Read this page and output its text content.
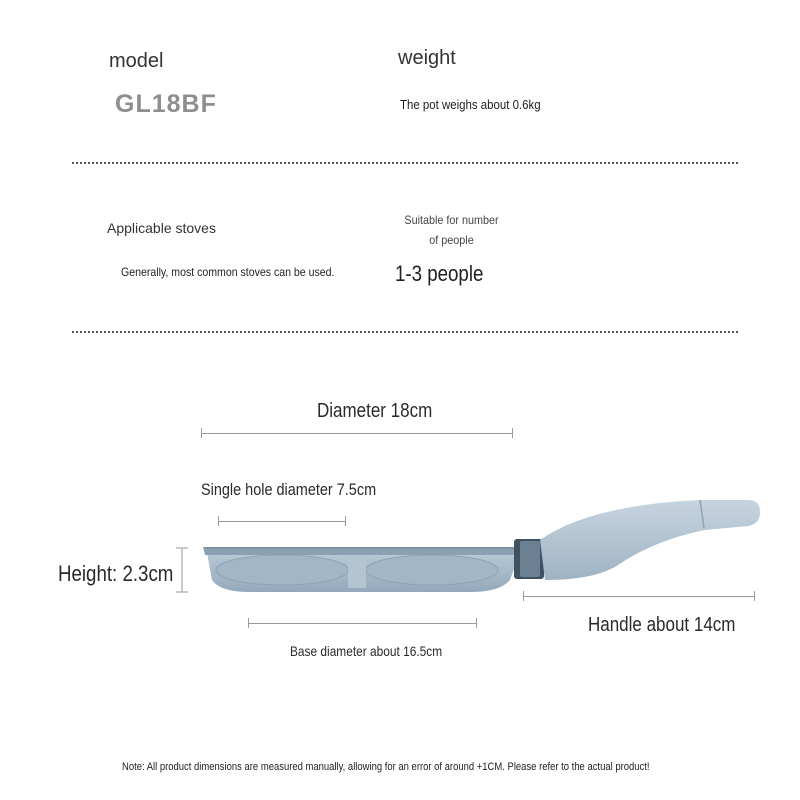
model
GL18BF
weight
The pot weighs about 0.6kg
Applicable stoves
Generally, most common stoves can be used.
Suitable for number
of people
1-3 people
Diameter 18cm
Single hole diameter 7.5cm
Height: 2.3cm
Handle about 14cm
Base diameter about 16.5cm
Note: All product dimensions are measured manually, allowing for an error of around +1CM. Please refer to the actual product!
